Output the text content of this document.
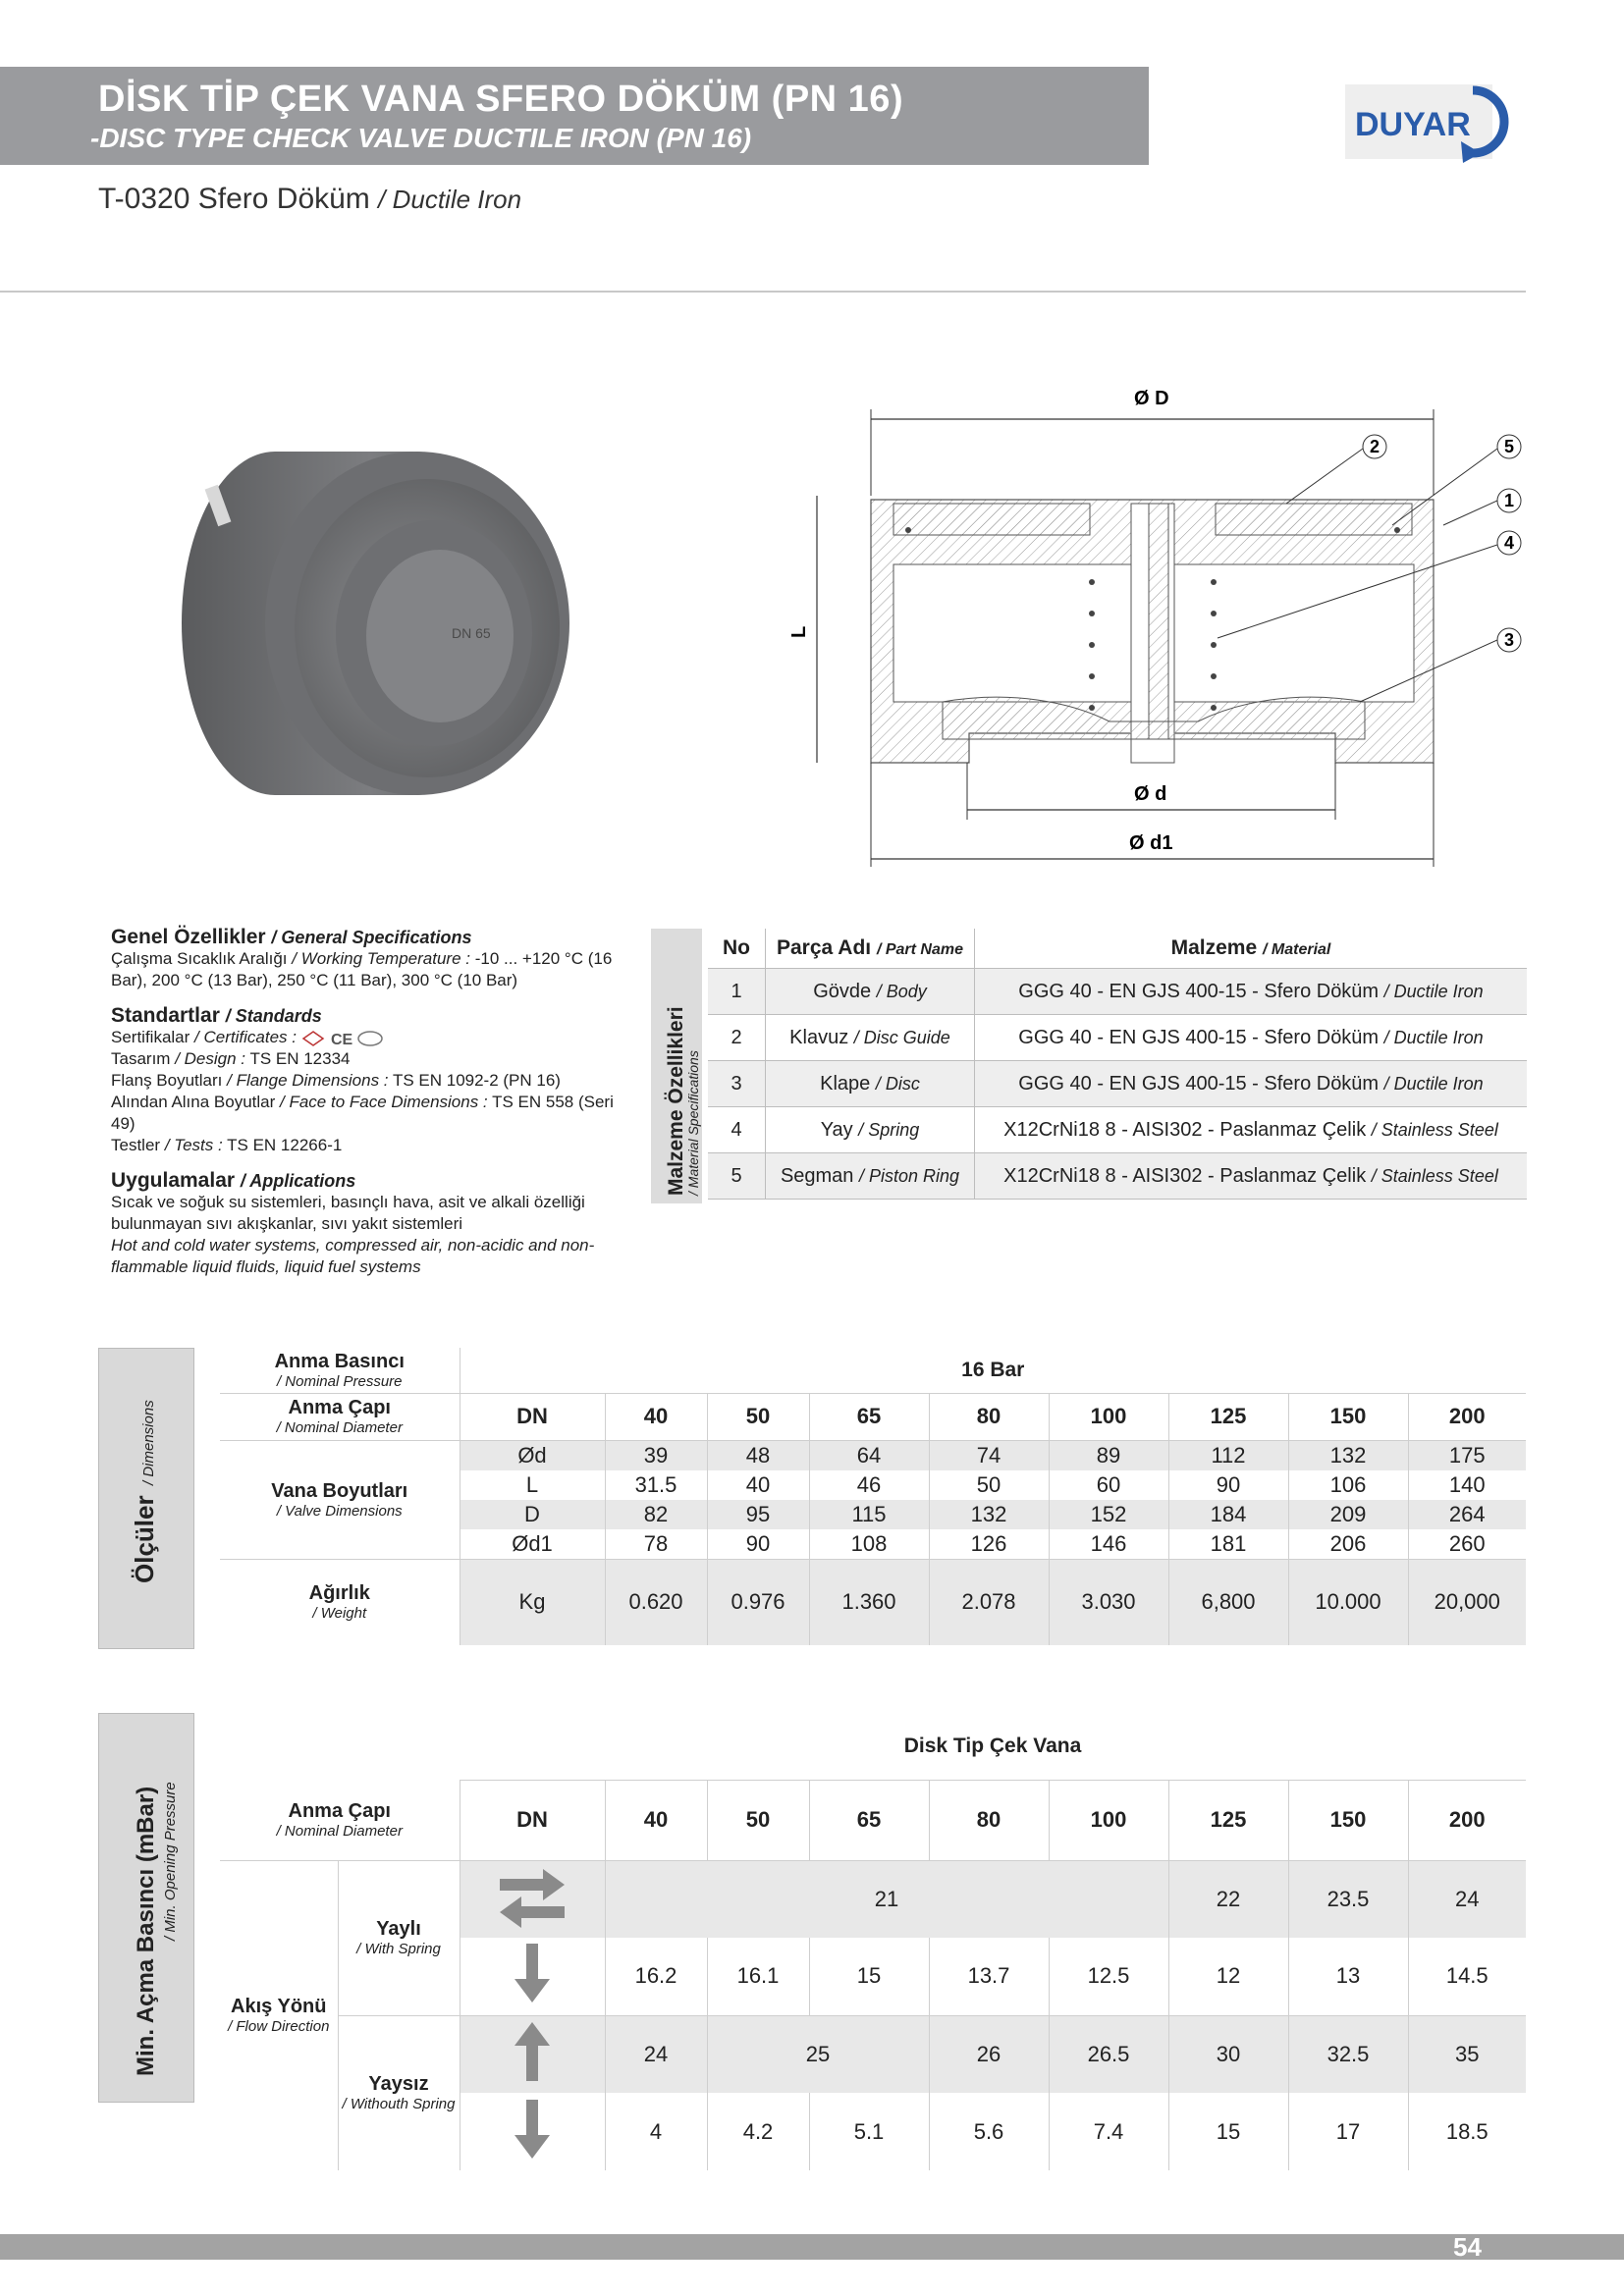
DİSK TİP ÇEK VANA SFERO DÖKÜM (PN 16)
-DISC TYPE CHECK VALVE DUCTILE IRON (PN 16)	DUYAR
T-0320 Sfero Döküm / Ductile Iron
DN 65
Ø D
L
Ø d
Ø d1
2	5
1
4
3
Genel Özellikler / General Specifications
Çalışma Sıcaklık Aralığı / Working Temperature : -10 ... +120 °C (16 Bar), 200 °C (13 Bar), 250 °C (11 Bar), 300 °C (10 Bar)
Standartlar / Standards
Sertifikalar / Certificates : CE
Tasarım / Design : TS EN 12334
Flanş Boyutları / Flange Dimensions : TS EN 1092-2 (PN 16)
Alından Alına Boyutlar / Face to Face Dimensions : TS EN 558 (Seri 49)
Testler / Tests : TS EN 12266-1
Uygulamalar / Applications
Sıcak ve soğuk su sistemleri, basınçlı hava, asit ve alkali özelliği bulunmayan sıvı akışkanlar, sıvı yakıt sistemleri
Hot and cold water systems, compressed air, non-acidic and non-flammable liquid fluids, liquid fuel systems
Malzeme Özellikleri
/ Material Specifications
No	Parça Adı / Part Name	Malzeme / Material
1	Gövde / Body	GGG 40 - EN GJS 400-15 - Sfero Döküm / Ductile Iron
2	Klavuz / Disc Guide	GGG 40 - EN GJS 400-15 - Sfero Döküm / Ductile Iron
3	Klape / Disc	GGG 40 - EN GJS 400-15 - Sfero Döküm / Ductile Iron
4	Yay / Spring	X12CrNi18 8 - AISI302 - Paslanmaz Çelik / Stainless Steel
5	Segman / Piston Ring	X12CrNi18 8 - AISI302 - Paslanmaz Çelik / Stainless Steel
Ölçüler
/ Dimensions
Anma Basıncı
/ Nominal Pressure	16 Bar								
Anma Çapı
/ Nominal Diameter	DN	40	50	65	80	100	125	150	200
Vana Boyutları
/ Valve Dimensions	Ød	39	48	64	74	89	112	132	175
	L	31.5	40	46	50	60	90	106	140
	D	82	95	115	132	152	184	209	264
	Ød1	78	90	108	126	146	181	206	260
Ağırlık
/ Weight	Kg	0.620	0.976	1.360	2.078	3.030	6,800	10.000	20,000
Min. Açma Basıncı (mBar) / Min. Opening Pressure
		Disk Tip Çek Vana								
Anma Çapı
/ Nominal Diameter		DN	40	50	65	80	100	125	150	200
Akış Yönü
/ Flow Direction	Yaylı
/ With Spring		21					22	23.5	24
	16.2	16.1	15	13.7	12.5	12	13	14.5
	Yaysız
/ Withouth Spring		24	25		26	26.5	30	32.5	35
	4	4.2	5.1	5.6	7.4	15	17	18.5
54
